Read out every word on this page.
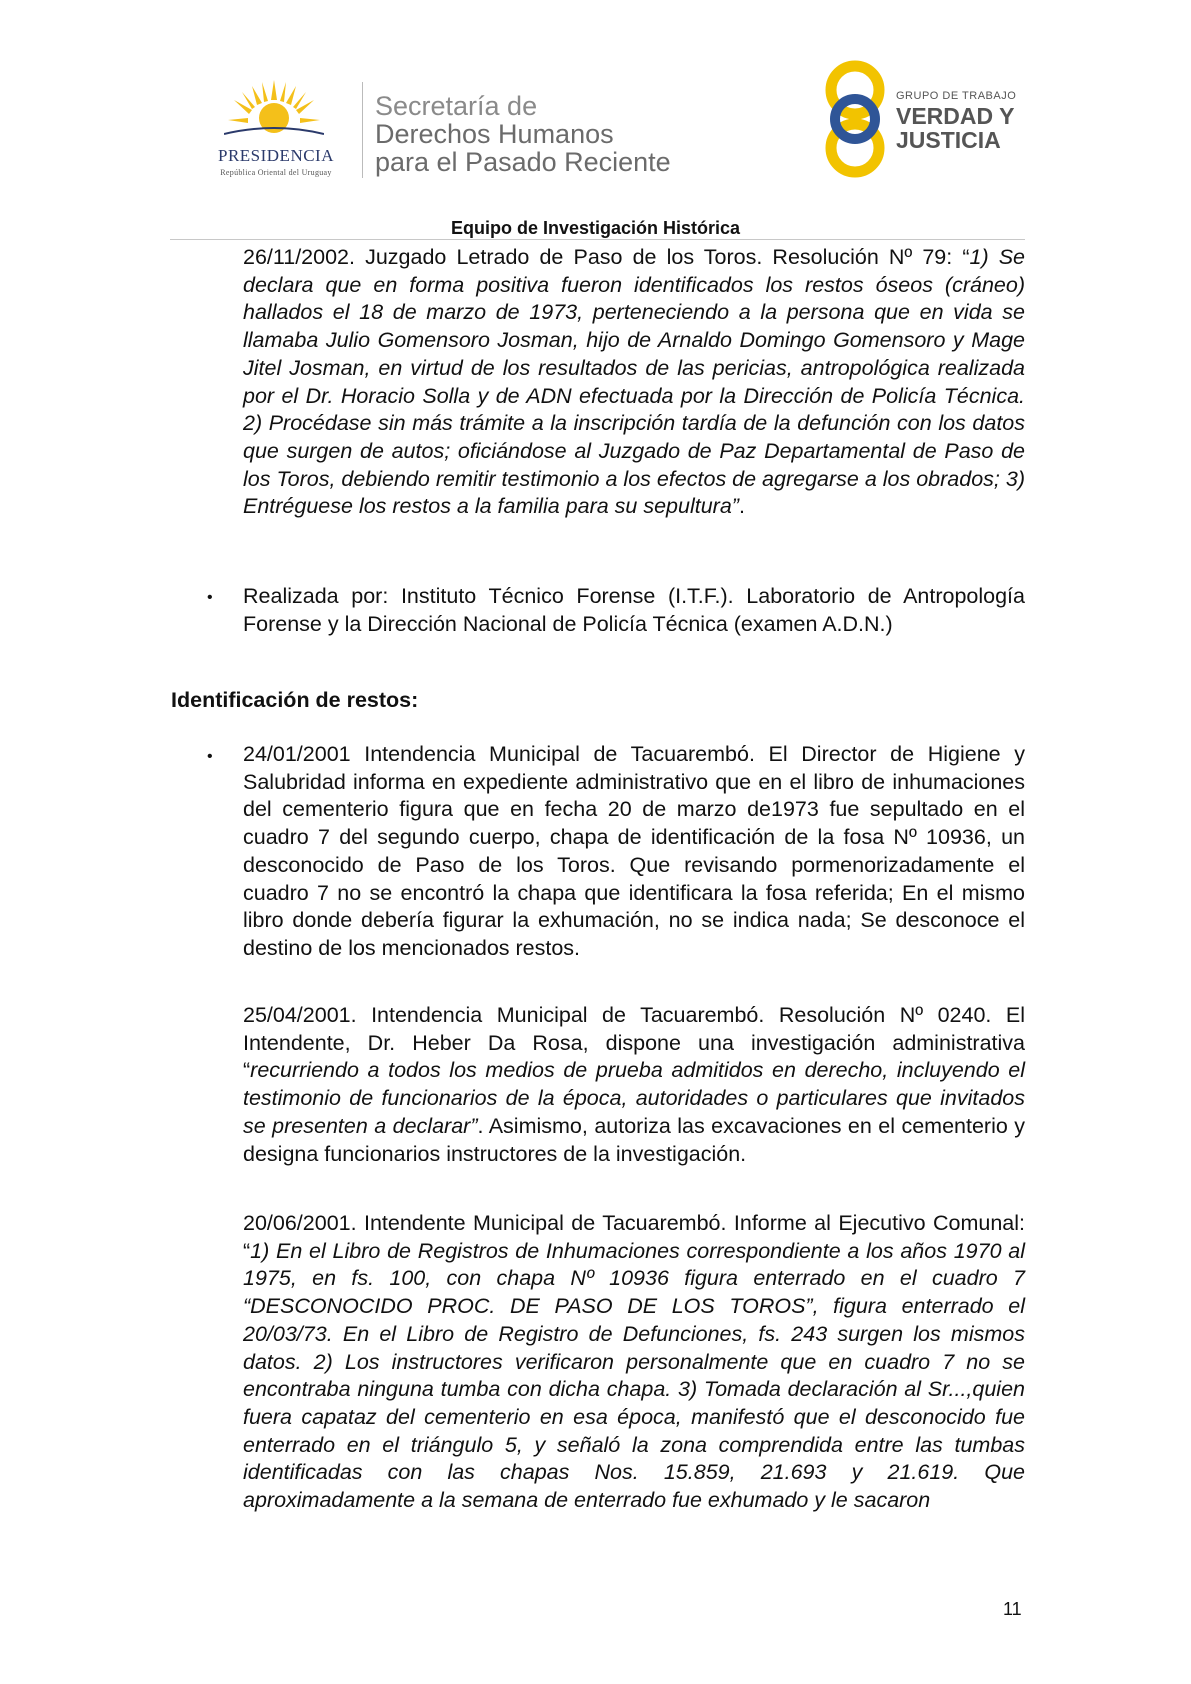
PRESIDENCIA
República Oriental del Uruguay
Secretaría de
Derechos Humanos
para el Pasado Reciente
GRUPO DE TRABAJO
VERDAD Y
JUSTICIA
Equipo de Investigación Histórica
26/11/2002. Juzgado Letrado de Paso de los Toros. Resolución Nº 79: “1) Se declara que en forma positiva fueron identificados los restos óseos (cráneo) hallados el 18 de marzo de 1973, perteneciendo a la persona que en vida se llamaba Julio Gomensoro Josman, hijo de Arnaldo Domingo Gomensoro y Mage Jitel Josman, en virtud de los resultados de las pericias, antropológica realizada por el Dr. Horacio Solla y de ADN efectuada por la Dirección de Policía Técnica. 2) Procédase sin más trámite a la inscripción tardía de la defunción con los datos que surgen de autos; oficiándose al Juzgado de Paz Departamental de Paso de los Toros, debiendo remitir testimonio a los efectos de agregarse a los obrados; 3) Entréguese los restos a la familia para su sepultura”.
• Realizada por: Instituto Técnico Forense (I.T.F.). Laboratorio de Antropología Forense y la Dirección Nacional de Policía Técnica (examen A.D.N.)
Identificación de restos:
• 24/01/2001 Intendencia Municipal de Tacuarembó. El Director de Higiene y Salubridad informa en expediente administrativo que en el libro de inhumaciones del cementerio figura que en fecha 20 de marzo de1973 fue sepultado en el cuadro 7 del segundo cuerpo, chapa de identificación de la fosa Nº 10936, un desconocido de Paso de los Toros. Que revisando pormenorizadamente el cuadro 7 no se encontró la chapa que identificara la fosa referida; En el mismo libro donde debería figurar la exhumación, no se indica nada; Se desconoce el destino de los mencionados restos.
25/04/2001. Intendencia Municipal de Tacuarembó. Resolución Nº 0240. El Intendente, Dr. Heber Da Rosa, dispone una investigación administrativa “recurriendo a todos los medios de prueba admitidos en derecho, incluyendo el testimonio de funcionarios de la época, autoridades o particulares que invitados se presenten a declarar”. Asimismo, autoriza las excavaciones en el cementerio y designa funcionarios instructores de la investigación.
20/06/2001. Intendente Municipal de Tacuarembó. Informe al Ejecutivo Comunal: “1) En el Libro de Registros de Inhumaciones correspondiente a los años 1970 al 1975, en fs. 100, con chapa Nº 10936 figura enterrado en el cuadro 7 “DESCONOCIDO PROC. DE PASO DE LOS TOROS”, figura enterrado el 20/03/73. En el Libro de Registro de Defunciones, fs. 243 surgen los mismos datos. 2) Los instructores verificaron personalmente que en cuadro 7 no se encontraba ninguna tumba con dicha chapa. 3) Tomada declaración al Sr...,quien fuera capataz del cementerio en esa época, manifestó que el desconocido fue enterrado en el triángulo 5, y señaló la zona comprendida entre las tumbas identificadas con las chapas Nos. 15.859, 21.693 y 21.619. Que aproximadamente a la semana de enterrado fue exhumado y le sacaron
11
